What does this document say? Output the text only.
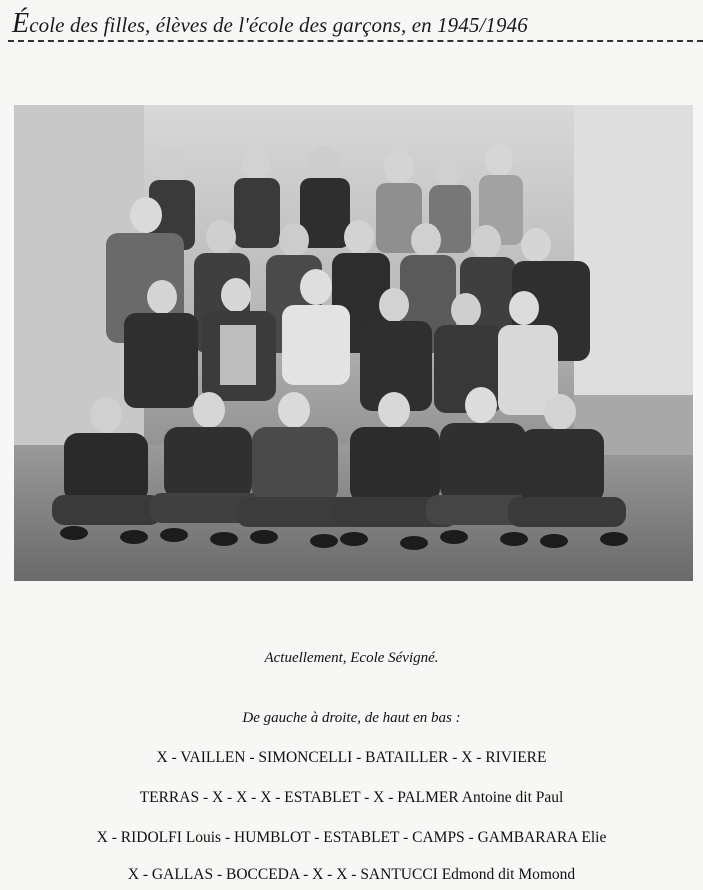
École des filles, élèves de l'école des garçons, en 1945/1946
Actuellement, Ecole Sévigné.
De gauche à droite, de haut en bas :
X - VAILLEN - SIMONCELLI - BATAILLER - X - RIVIERE
TERRAS - X - X - X - ESTABLET - X - PALMER Antoine dit Paul
X - RIDOLFI Louis - HUMBLOT - ESTABLET - CAMPS - GAMBARARA Elie
X - GALLAS - BOCCEDA - X - X - SANTUCCI Edmond dit Momond
